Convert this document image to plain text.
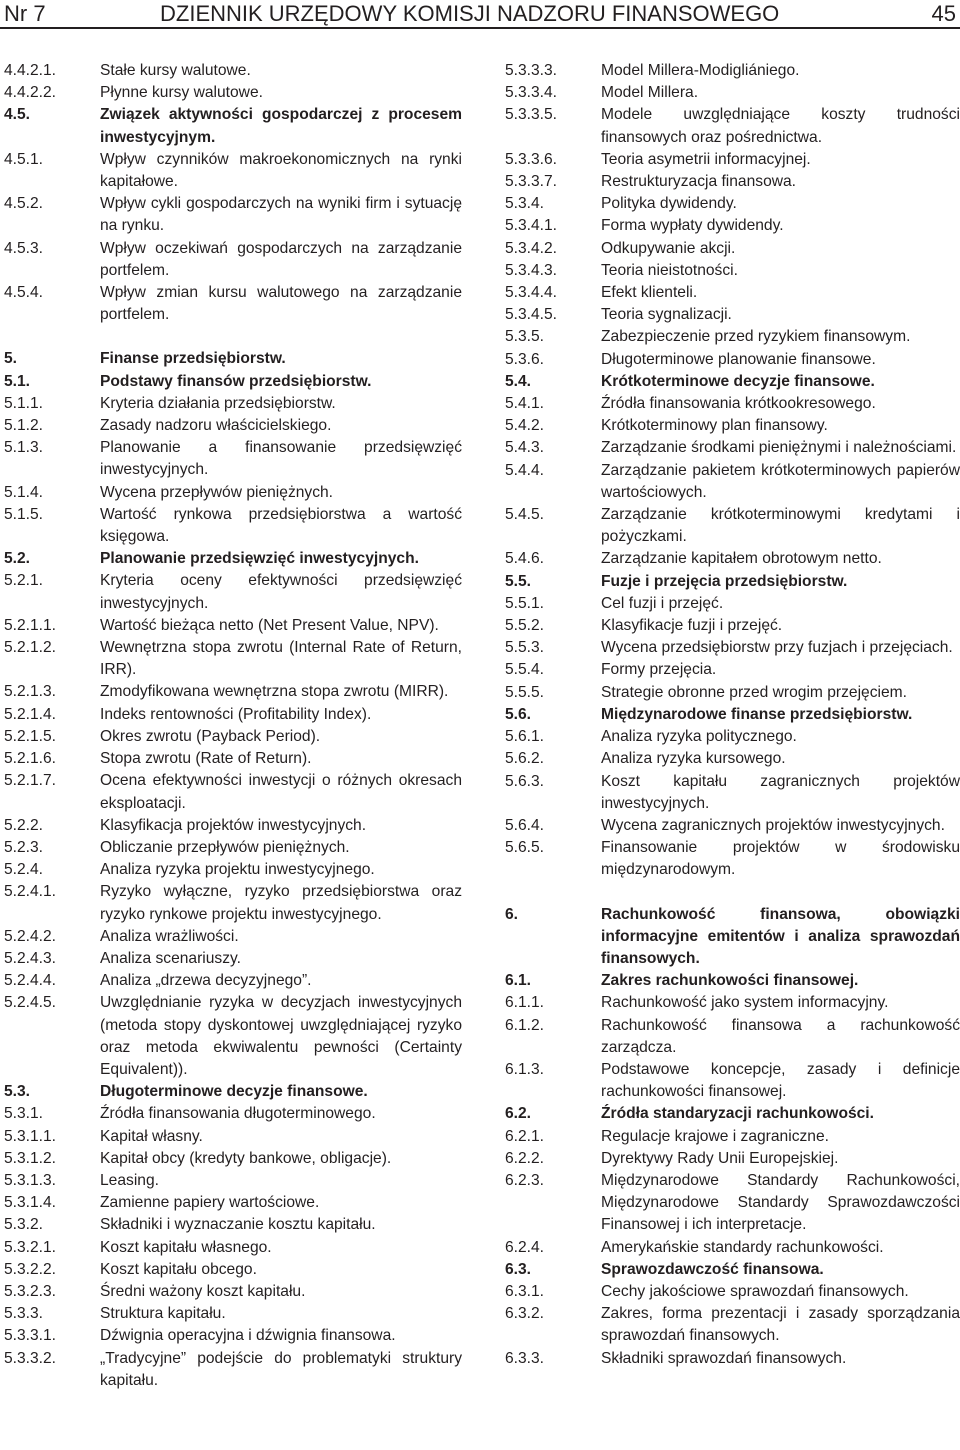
Nr 7	DZIENNIK URZĘDOWY KOMISJI NADZORU FINANSOWEGO	45
4.4.2.1.	Stałe kursy walutowe.
4.4.2.2.	Płynne kursy walutowe.
4.5.	Związek aktywności gospodarczej z procesem inwestycyjnym.
4.5.1.	Wpływ czynników makroekonomicznych na rynki kapitałowe.
4.5.2.	Wpływ cykli gospodarczych na wyniki firm i sytuację na rynku.
4.5.3.	Wpływ oczekiwań gospodarczych na zarządzanie portfelem.
4.5.4.	Wpływ zmian kursu walutowego na zarządzanie portfelem.
5.	Finanse przedsiębiorstw.
5.1.	Podstawy finansów przedsiębiorstw.
5.1.1.	Kryteria działania przedsiębiorstw.
5.1.2.	Zasady nadzoru właścicielskiego.
5.1.3.	Planowanie a finansowanie przedsięwzięć inwestycyjnych.
5.1.4.	Wycena przepływów pieniężnych.
5.1.5.	Wartość rynkowa przedsiębiorstwa a wartość księgowa.
5.2.	Planowanie przedsięwzięć inwestycyjnych.
5.2.1.	Kryteria oceny efektywności przedsięwzięć inwestycyjnych.
5.2.1.1.	Wartość bieżąca netto (Net Present Value, NPV).
5.2.1.2.	Wewnętrzna stopa zwrotu (Internal Rate of Return, IRR).
5.2.1.3.	Zmodyfikowana wewnętrzna stopa zwrotu (MIRR).
5.2.1.4.	Indeks rentowności (Profitability Index).
5.2.1.5.	Okres zwrotu (Payback Period).
5.2.1.6.	Stopa zwrotu (Rate of Return).
5.2.1.7.	Ocena efektywności inwestycji o różnych okresach eksploatacji.
5.2.2.	Klasyfikacja projektów inwestycyjnych.
5.2.3.	Obliczanie przepływów pieniężnych.
5.2.4.	Analiza ryzyka projektu inwestycyjnego.
5.2.4.1.	Ryzyko wyłączne, ryzyko przedsiębiorstwa oraz ryzyko rynkowe projektu inwestycyjnego.
5.2.4.2.	Analiza wrażliwości.
5.2.4.3.	Analiza scenariuszy.
5.2.4.4.	Analiza „drzewa decyzyjnego”.
5.2.4.5.	Uwzględnianie ryzyka w decyzjach inwestycyjnych (metoda stopy dyskontowej uwzględniającej ryzyko oraz metoda ekwiwalentu pewności (Certainty Equivalent)).
5.3.	Długoterminowe decyzje finansowe.
5.3.1.	Źródła finansowania długoterminowego.
5.3.1.1.	Kapitał własny.
5.3.1.2.	Kapitał obcy (kredyty bankowe, obligacje).
5.3.1.3.	Leasing.
5.3.1.4.	Zamienne papiery wartościowe.
5.3.2.	Składniki i wyznaczanie kosztu kapitału.
5.3.2.1.	Koszt kapitału własnego.
5.3.2.2.	Koszt kapitału obcego.
5.3.2.3.	Średni ważony koszt kapitału.
5.3.3.	Struktura kapitału.
5.3.3.1.	Dźwignia operacyjna i dźwignia finansowa.
5.3.3.2.	„Tradycyjne” podejście do problematyki struktury kapitału.
5.3.3.3.	Model Millera-Modigliániego.
5.3.3.4.	Model Millera.
5.3.3.5.	Modele uwzględniające koszty trudności finansowych oraz pośrednictwa.
5.3.3.6.	Teoria asymetrii informacyjnej.
5.3.3.7.	Restrukturyzacja finansowa.
5.3.4.	Polityka dywidendy.
5.3.4.1.	Forma wypłaty dywidendy.
5.3.4.2.	Odkupywanie akcji.
5.3.4.3.	Teoria nieistotności.
5.3.4.4.	Efekt klienteli.
5.3.4.5.	Teoria sygnalizacji.
5.3.5.	Zabezpieczenie przed ryzykiem finansowym.
5.3.6.	Długoterminowe planowanie finansowe.
5.4.	Krótkoterminowe decyzje finansowe.
5.4.1.	Źródła finansowania krótkookresowego.
5.4.2.	Krótkoterminowy plan finansowy.
5.4.3.	Zarządzanie środkami pieniężnymi i należnościami.
5.4.4.	Zarządzanie pakietem krótkoterminowych papierów wartościowych.
5.4.5.	Zarządzanie krótkoterminowymi kredytami i pożyczkami.
5.4.6.	Zarządzanie kapitałem obrotowym netto.
5.5.	Fuzje i przejęcia przedsiębiorstw.
5.5.1.	Cel fuzji i przejęć.
5.5.2.	Klasyfikacje fuzji i przejęć.
5.5.3.	Wycena przedsiębiorstw przy fuzjach i przejęciach.
5.5.4.	Formy przejęcia.
5.5.5.	Strategie obronne przed wrogim przejęciem.
5.6.	Międzynarodowe finanse przedsiębiorstw.
5.6.1.	Analiza ryzyka politycznego.
5.6.2.	Analiza ryzyka kursowego.
5.6.3.	Koszt kapitału zagranicznych projektów inwestycyjnych.
5.6.4.	Wycena zagranicznych projektów inwestycyjnych.
5.6.5.	Finansowanie projektów w środowisku międzynarodowym.
6.	Rachunkowość finansowa, obowiązki informacyjne emitentów i analiza sprawozdań finansowych.
6.1.	Zakres rachunkowości finansowej.
6.1.1.	Rachunkowość jako system informacyjny.
6.1.2.	Rachunkowość finansowa a rachunkowość zarządcza.
6.1.3.	Podstawowe koncepcje, zasady i definicje rachunkowości finansowej.
6.2.	Źródła standaryzacji rachunkowości.
6.2.1.	Regulacje krajowe i zagraniczne.
6.2.2.	Dyrektywy Rady Unii Europejskiej.
6.2.3.	Międzynarodowe Standardy Rachunkowości, Międzynarodowe Standardy Sprawozdawczości Finansowej i ich interpretacje.
6.2.4.	Amerykańskie standardy rachunkowości.
6.3.	Sprawozdawczość finansowa.
6.3.1.	Cechy jakościowe sprawozdań finansowych.
6.3.2.	Zakres, forma prezentacji i zasady sporządzania sprawozdań finansowych.
6.3.3.	Składniki sprawozdań finansowych.
